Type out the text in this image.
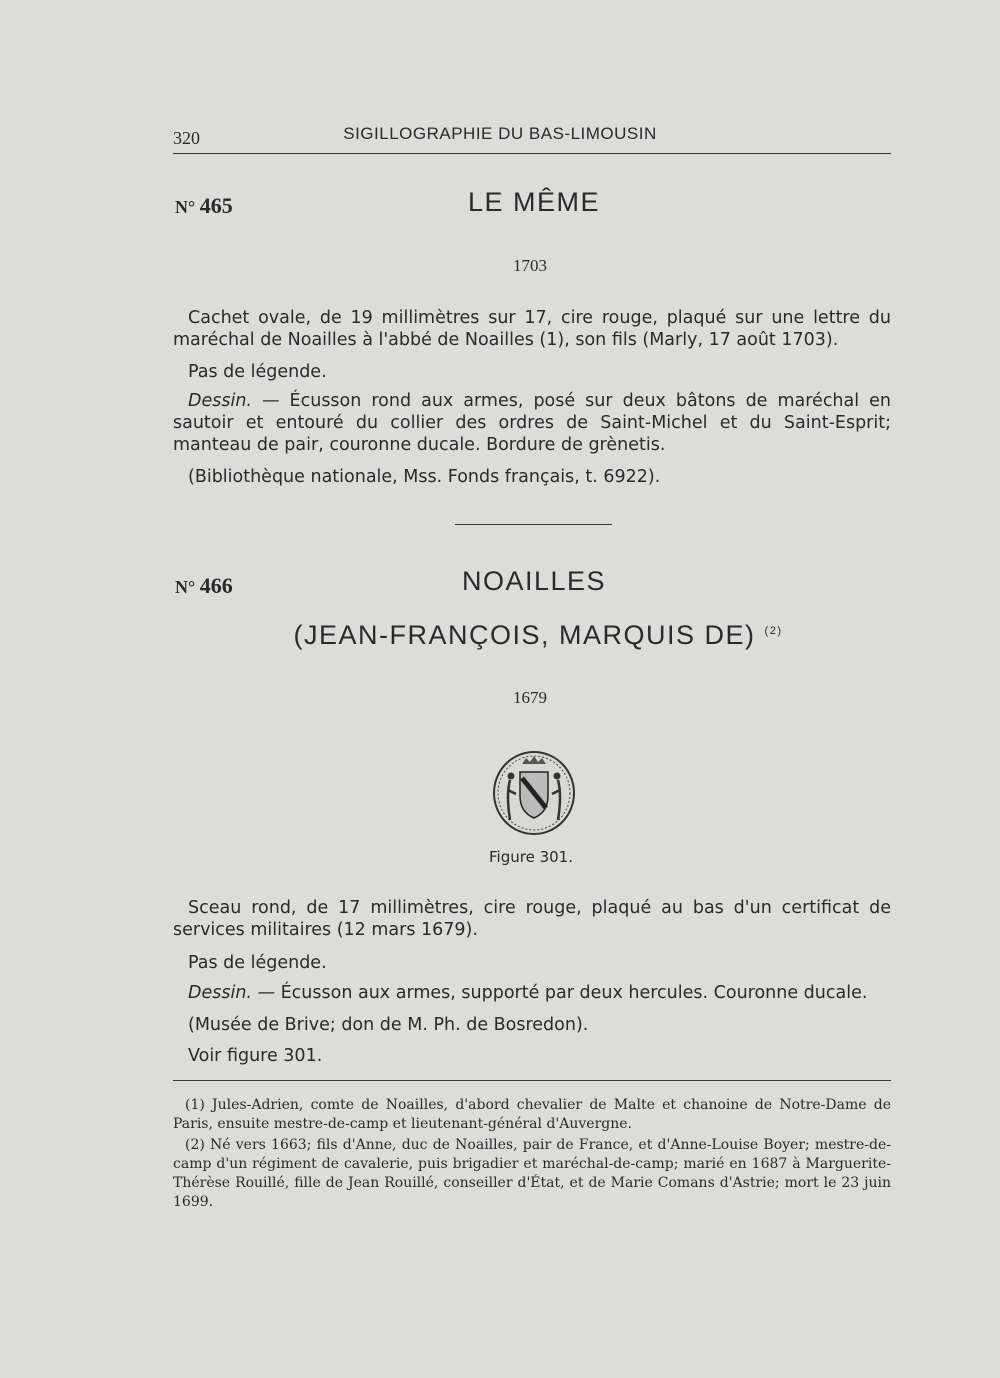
320	SIGILLOGRAPHIE DU BAS-LIMOUSIN
N° 465	LE MÊME
1703
Cachet ovale, de 19 millimètres sur 17, cire rouge, plaqué sur une lettre du maréchal de Noailles à l'abbé de Noailles (1), son fils (Marly, 17 août 1703).
Pas de légende.
Dessin. — Écusson rond aux armes, posé sur deux bâtons de maréchal en sautoir et entouré du collier des ordres de Saint-Michel et du Saint-Esprit; manteau de pair, couronne ducale. Bordure de grènetis.
(Bibliothèque nationale, Mss. Fonds français, t. 6922).
N° 466	NOAILLES
(JEAN-FRANÇOIS, MARQUIS DE) $^{(2)}$
1679
Figure 301.
Sceau rond, de 17 millimètres, cire rouge, plaqué au bas d'un certificat de services militaires (12 mars 1679).
Pas de légende.
Dessin. — Écusson aux armes, supporté par deux hercules. Couronne ducale.
(Musée de Brive; don de M. Ph. de Bosredon).
Voir figure 301.
(1) Jules-Adrien, comte de Noailles, d'abord chevalier de Malte et chanoine de Notre-Dame de Paris, ensuite mestre-de-camp et lieutenant-général d'Auvergne.
(2) Né vers 1663; fils d'Anne, duc de Noailles, pair de France, et d'Anne-Louise Boyer; mestre-de-camp d'un régiment de cavalerie, puis brigadier et maréchal-de-camp; marié en 1687 à Marguerite-Thérèse Rouillé, fille de Jean Rouillé, conseiller d'État, et de Marie Comans d'Astrie; mort le 23 juin 1699.
